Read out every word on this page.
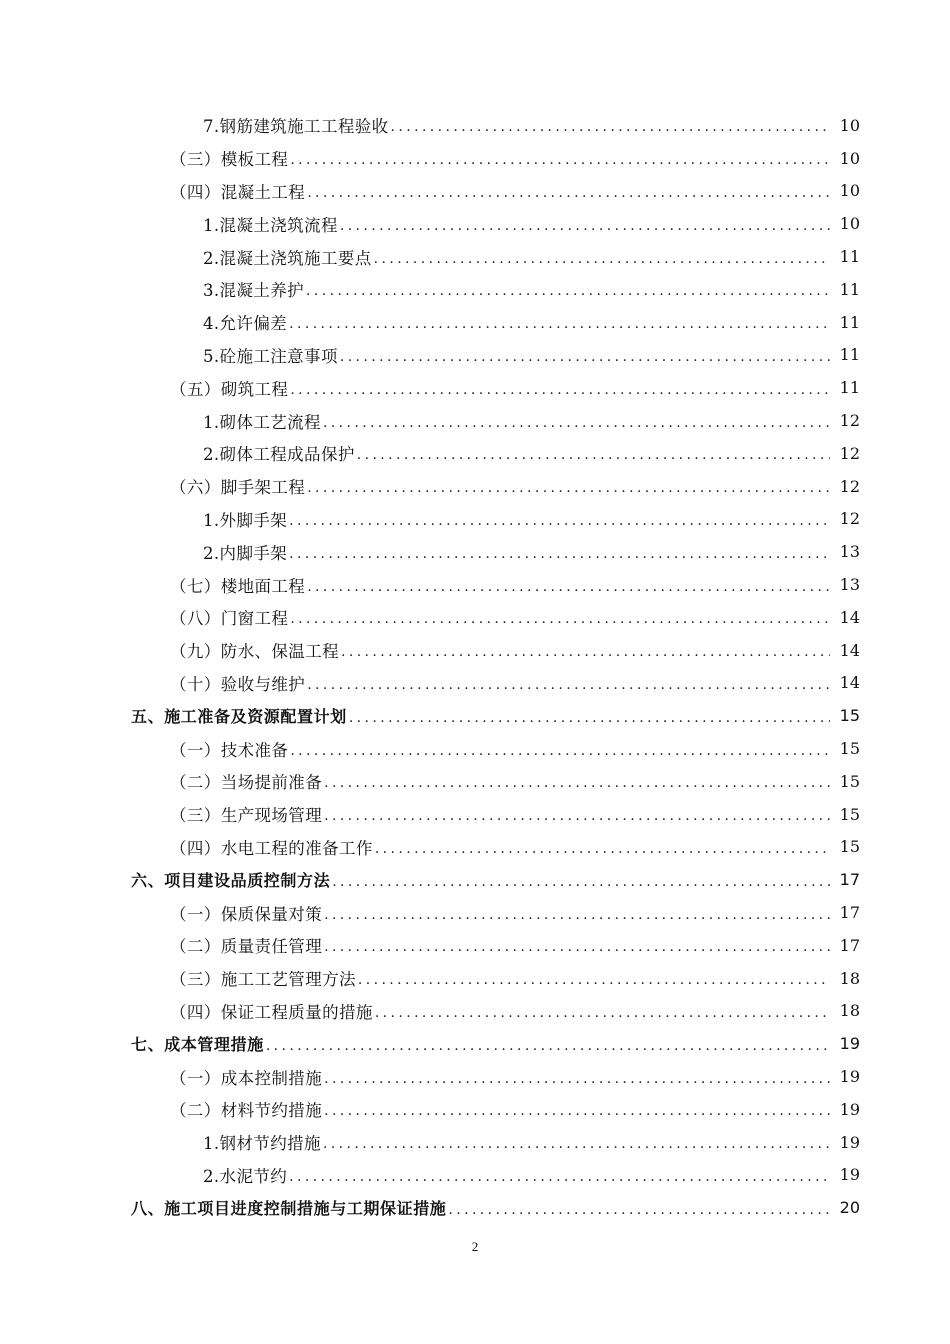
7.钢筋建筑施工工程验收 .....	10
（三）模板工程 .....	10
（四）混凝土工程 .....	10
1.混凝土浇筑流程 .....	10
2.混凝土浇筑施工要点 .....	11
3.混凝土养护 .....	11
4.允许偏差 .....	11
5.砼施工注意事项 .....	11
（五）砌筑工程 .....	11
1.砌体工艺流程 .....	12
2.砌体工程成品保护 .....	12
（六）脚手架工程 .....	12
1.外脚手架 .....	12
2.内脚手架 .....	13
（七）楼地面工程 .....	13
（八）门窗工程 .....	14
（九）防水、保温工程 .....	14
（十）验收与维护 .....	14
五、施工准备及资源配置计划 .....	15
（一）技术准备 .....	15
（二）当场提前准备 .....	15
（三）生产现场管理 .....	15
（四）水电工程的准备工作 .....	15
六、项目建设品质控制方法 .....	17
（一）保质保量对策 .....	17
（二）质量责任管理 .....	17
（三）施工工艺管理方法 .....	18
（四）保证工程质量的措施 .....	18
七、成本管理措施 .....	19
（一）成本控制措施 .....	19
（二）材料节约措施 .....	19
1.钢材节约措施 .....	19
2.水泥节约 .....	19
八、施工项目进度控制措施与工期保证措施 .....	20
2
